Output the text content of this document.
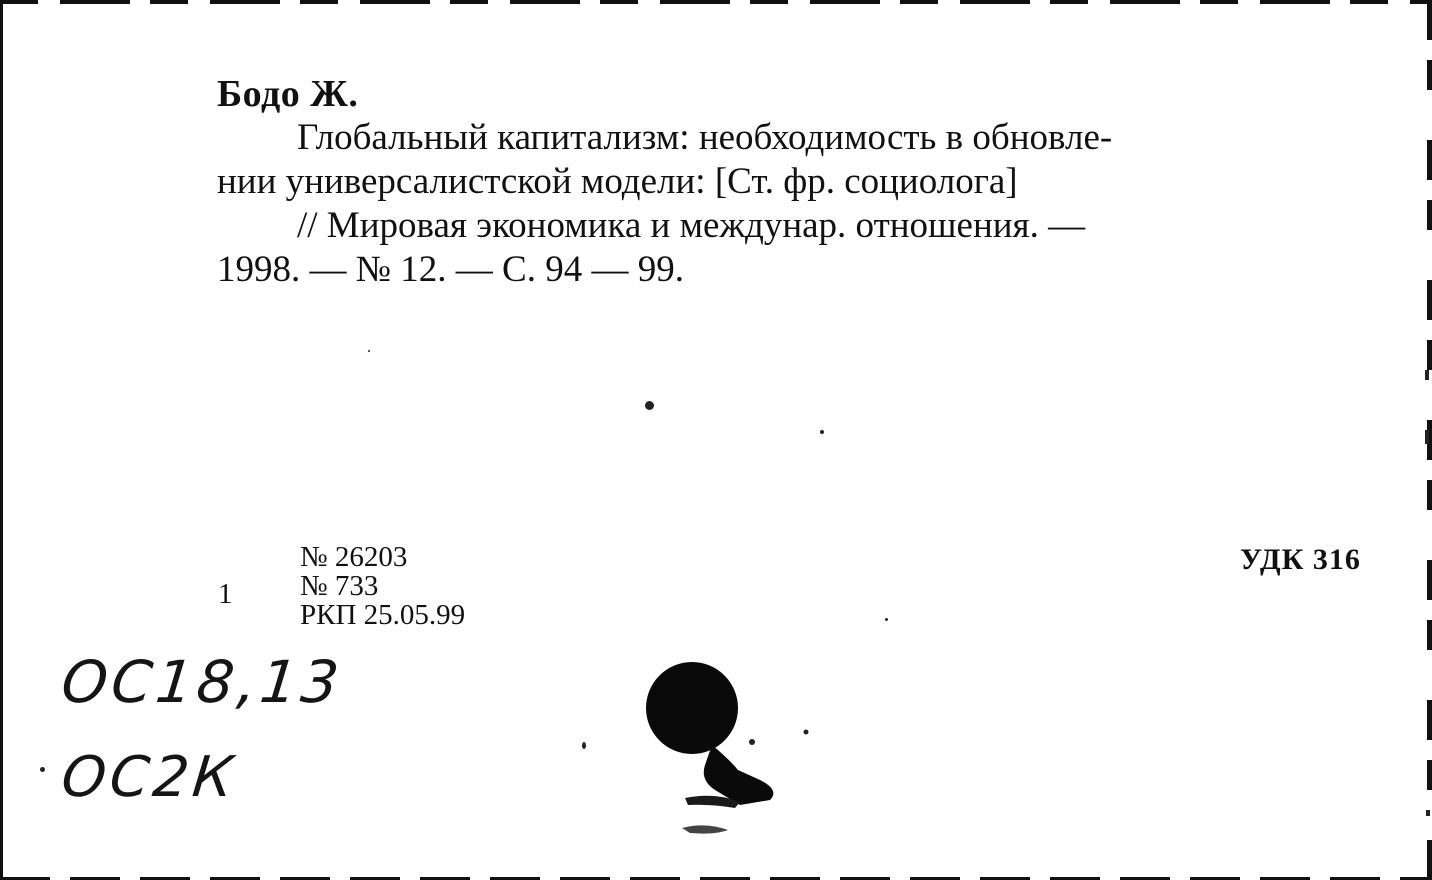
Бодо Ж.
Глобальный капитализм: необходимость в обновле-
нии универсалистской модели: [Ст. фр. социолога]
// Мировая экономика и междунар. отношения. —
1998. — № 12. — С. 94 — 99.
№ 26203
№ 733
РКП 25.05.99
1
УДК 316
ОС18,13
ОС2К
